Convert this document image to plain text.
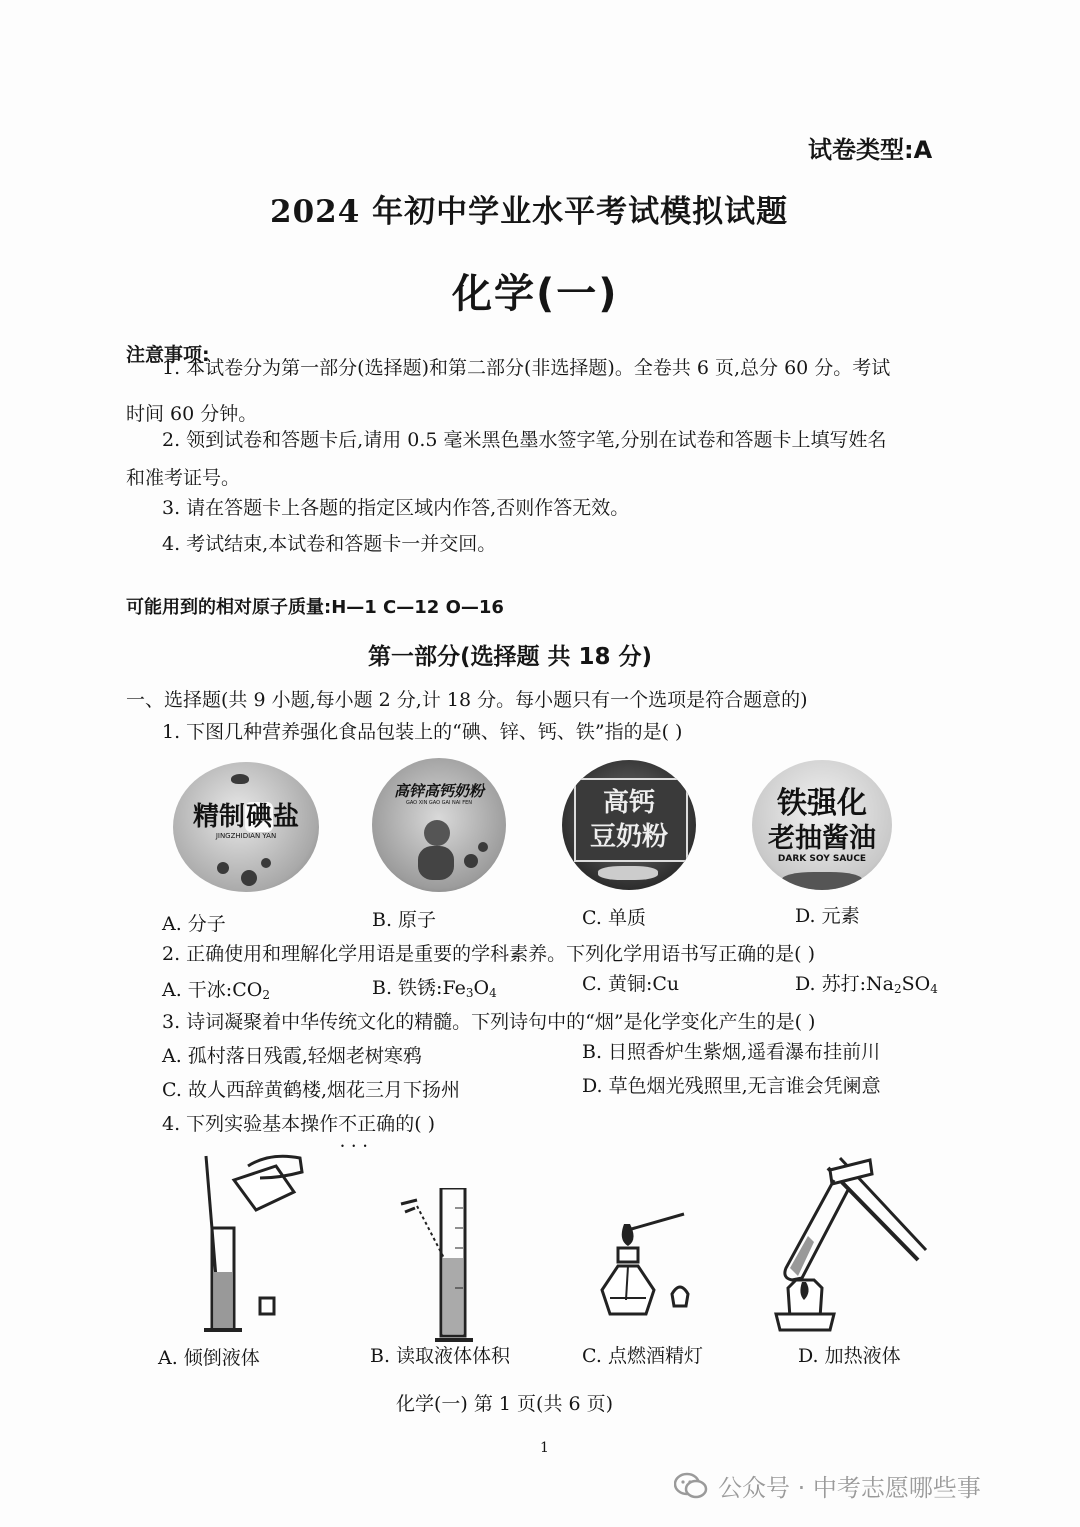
试卷类型:A
2024 年初中学业水平考试模拟试题
化学(一)
注意事项:
1. 本试卷分为第一部分(选择题)和第二部分(非选择题)。全卷共 6 页,总分 60 分。考试
时间 60 分钟。
2. 领到试卷和答题卡后,请用 0.5 毫米黑色墨水签字笔,分别在试卷和答题卡上填写姓名
和准考证号。
3. 请在答题卡上各题的指定区域内作答,否则作答无效。
4. 考试结束,本试卷和答题卡一并交回。
可能用到的相对原子质量:H—1 C—12 O—16
第一部分(选择题 共 18 分)
一、选择题(共 9 小题,每小题 2 分,计 18 分。每小题只有一个选项是符合题意的)
1. 下图几种营养强化食品包装上的“碘、锌、钙、铁”指的是( )
精制碘盐
JINGZHIDIAN YAN
高锌高钙奶粉
GAO XIN GAO GAI NAI FEN	高钙
豆奶粉
铁强化
老抽酱油
DARK SOY SAUCE
A. 分子	B. 原子	C. 单质	D. 元素
2. 正确使用和理解化学用语是重要的学科素养。下列化学用语书写正确的是( )
A. 干冰$:CO_2$	B. 铁锈$:Fe_3O_4$	C. 黄铜:Cu	D. 苏打$:Na_2SO_4$
3. 诗词凝聚着中华传统文化的精髓。下列诗句中的“烟”是化学变化产生的是( )
A. 孤村落日残霞,轻烟老树寒鸦	B. 日照香炉生紫烟,遥看瀑布挂前川
C. 故人西辞黄鹤楼,烟花三月下扬州	D. 草色烟光残照里,无言谁会凭阑意
4. 下列实验基本操作不正确 • • •的( )
A. 倾倒液体	B. 读取液体体积	C. 点燃酒精灯	D. 加热液体
化学(一) 第 1 页(共 6 页)
1
公众号 · 中考志愿哪些事
